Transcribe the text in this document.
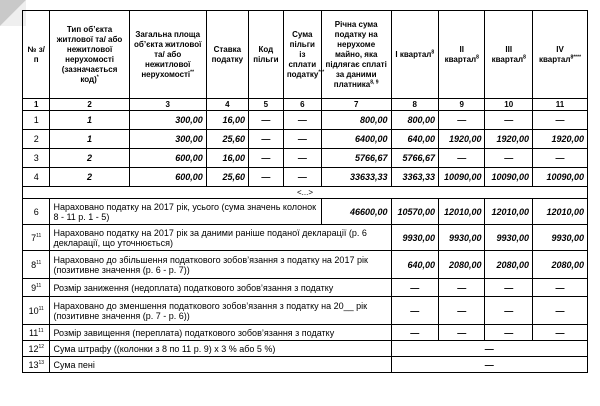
№ з/п	Тип об’єкта житлової та/ або нежитлової нерухомості (зазначається код)*	Загальна площа об’єкта житлової та/ або нежитлової нерухомості**	Ставка податку	Код пільги	Сума пільги із сплати податку***	Річна сума податку на нерухоме майно, яка підлягає сплаті за даними платника$^{8, 9}$	І квартал$^8$	ІІ квартал$^8$	ІІІ квартал$^8$	ІV квартал$^{8****}$
1	2	3	4	5	6	7	8	9	10	11
1	1	300,00	16,00	—	—	800,00	800,00	—	—	—
2	1	300,00	25,60	—	—	6400,00	640,00	1920,00	1920,00	1920,00
3	2	600,00	16,00	—	—	5766,67	5766,67	—	—	—
4	2	600,00	25,60	—	—	33633,33	3363,33	10090,00	10090,00	10090,00
<...>										
6	Нараховано податку на 2017 рік, усього (сума значень колонок 8 - 11 р. 1 - 5)					46600,00	10570,00	12010,00	12010,00	12010,00
$7^{11}$	Нараховано податку на 2017 рік за даними раніше поданої декларації (р. 6 декларації, що уточнюється)						9930,00	9930,00	9930,00	9930,00
$8^{11}$	Нараховано до збільшення податкового зобов’язання з податку на 2017 рік (позитивне значення (р. 6 - р. 7))						640,00	2080,00	2080,00	2080,00
$9^{11}$	Розмір заниження (недоплата) податкового зобов’язання з податку						—	—	—	—
$10^{11}$	Нараховано до зменшення податкового зобов’язання з податку на 20__ рік (позитивне значення (р. 7 - р. 6))						—	—	—	—
$11^{11}$	Розмір завищення (переплата) податкового зобов’язання з податку						—	—	—	—
$12^{12}$	Сума штрафу ((колонки з 8 по 11 р. 9) x 3 % або 5 %)						—			
$13^{13}$	Сума пені						—			
